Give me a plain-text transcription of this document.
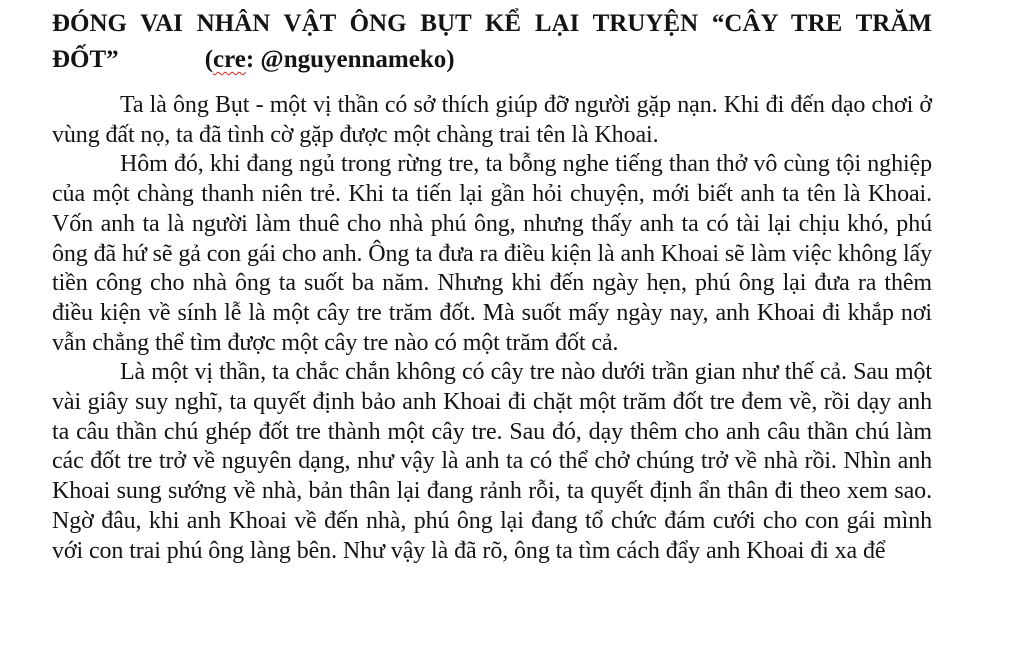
ĐÓNG VAI NHÂN VẬT ÔNG BỤT KỂ LẠI TRUYỆN “CÂY TRE TRĂM ĐỐT”	(cre: @nguyennameko)

Ta là ông Bụt - một vị thần có sở thích giúp đỡ người gặp nạn. Khi đi đến dạo chơi ở vùng đất nọ, ta đã tình cờ gặp được một chàng trai tên là Khoai.

Hôm đó, khi đang ngủ trong rừng tre, ta bỗng nghe tiếng than thở vô cùng tội nghiệp của một chàng thanh niên trẻ. Khi ta tiến lại gần hỏi chuyện, mới biết anh ta tên là Khoai. Vốn anh ta là người làm thuê cho nhà phú ông, nhưng thấy anh ta có tài lại chịu khó, phú ông đã hứ sẽ gả con gái cho anh. Ông ta đưa ra điều kiện là anh Khoai sẽ làm việc không lấy tiền công cho nhà ông ta suốt ba năm. Nhưng khi đến ngày hẹn, phú ông lại đưa ra thêm điều kiện về sính lễ là một cây tre trăm đốt. Mà suốt mấy ngày nay, anh Khoai đi khắp nơi vẫn chẳng thể tìm được một cây tre nào có một trăm đốt cả.

Là một vị thần, ta chắc chắn không có cây tre nào dưới trần gian như thế cả. Sau một vài giây suy nghĩ, ta quyết định bảo anh Khoai đi chặt một trăm đốt tre đem về, rồi dạy anh ta câu thần chú ghép đốt tre thành một cây tre. Sau đó, dạy thêm cho anh câu thần chú làm các đốt tre trở về nguyên dạng, như vậy là anh ta có thể chở chúng trở về nhà rồi. Nhìn anh Khoai sung sướng về nhà, bản thân lại đang rảnh rỗi, ta quyết định ẩn thân đi theo xem sao. Ngờ đâu, khi anh Khoai về đến nhà, phú ông lại đang tổ chức đám cưới cho con gái mình với con trai phú ông làng bên. Như vậy là đã rõ, ông ta tìm cách đẩy anh Khoai đi xa để
